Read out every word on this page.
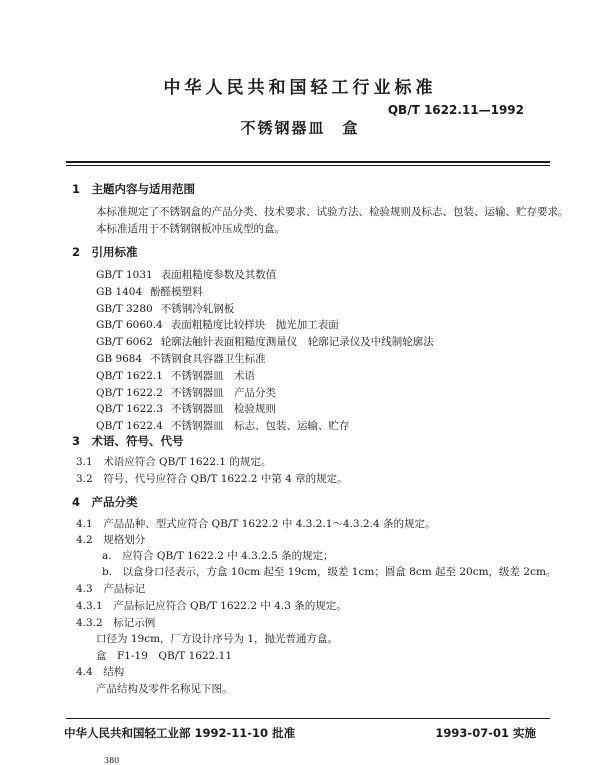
中华人民共和国轻工行业标准
QB/T 1622.11—1992
不锈钢器皿　盒
1　主题内容与适用范围
本标准规定了不锈钢盒的产品分类、技术要求、试验方法、检验规则及标志、包装、运输、贮存要求。
本标准适用于不锈钢钢板冲压成型的盒。
2　引用标准
GB/T 1031 表面粗糙度参数及其数值
GB 1404 酚醛模塑料
GB/T 3280 不锈钢冷轧钢板
GB/T 6060.4 表面粗糙度比较样块　抛光加工表面
GB/T 6062 轮廓法触针表面粗糙度测量仪　轮廓记录仪及中线制轮廓法
GB 9684 不锈钢食具容器卫生标准
QB/T 1622.1 不锈钢器皿　术语
QB/T 1622.2 不锈钢器皿　产品分类
QB/T 1622.3 不锈钢器皿　检验规则
QB/T 1622.4 不锈钢器皿　标志、包装、运输、贮存
3　术语、符号、代号
3.1　术语应符合 QB/T 1622.1 的规定。
3.2　符号、代号应符合 QB/T 1622.2 中第 4 章的规定。
4　产品分类
4.1　产品品种、型式应符合 QB/T 1622.2 中 4.3.2.1～4.3.2.4 条的规定。
4.2　规格划分
a.　应符合 QB/T 1622.2 中 4.3.2.5 条的规定；
b.　以盒身口径表示，方盒 10cm 起至 19cm，级差 1cm；圆盒 8cm 起至 20cm，级差 2cm。
4.3　产品标记
4.3.1　产品标记应符合 QB/T 1622.2 中 4.3 条的规定。
4.3.2　标记示例
口径为 19cm，厂方设计序号为 1，抛光普通方盒。
盒　F1-19　QB/T 1622.11
4.4　结构
产品结构及零件名称见下图。
中华人民共和国轻工业部 1992-11-10 批准	1993-07-01 实施
380
